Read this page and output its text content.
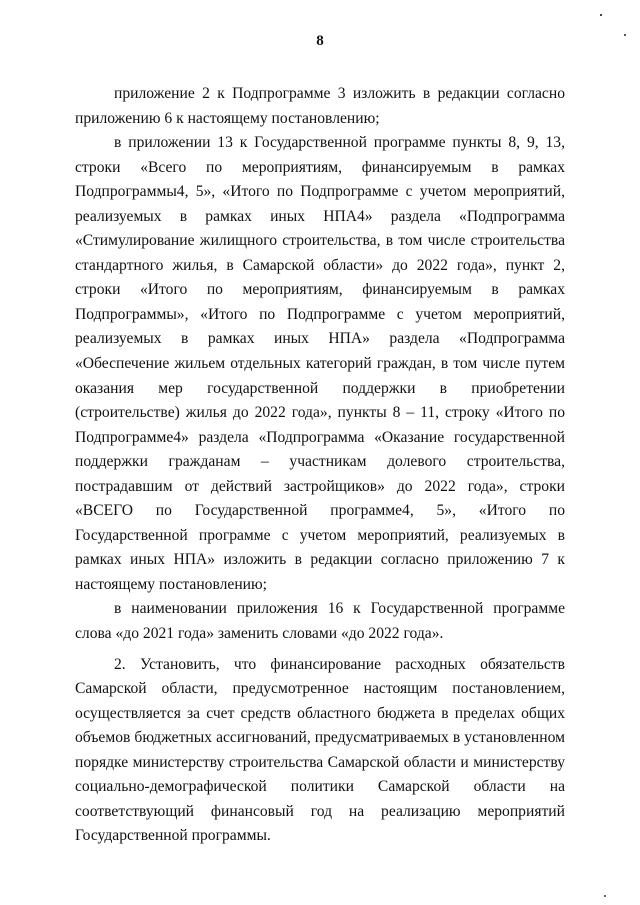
8

приложение 2 к Подпрограмме 3 изложить в редакции согласно приложению 6 к настоящему постановлению;

в приложении 13 к Государственной программе пункты 8, 9, 13, строки «Всего по мероприятиям, финансируемым в рамках Подпрограммы4, 5», «Итого по Подпрограмме с учетом мероприятий, реализуемых в рамках иных НПА4» раздела «Подпрограмма «Стимулирование жилищного строительства, в том числе строительства стандартного жилья, в Самарской области» до 2022 года», пункт 2, строки «Итого по мероприятиям, финансируемым в рамках Подпрограммы», «Итого по Подпрограмме с учетом мероприятий, реализуемых в рамках иных НПА» раздела «Подпрограмма «Обеспечение жильем отдельных категорий граждан, в том числе путем оказания мер государственной поддержки в приобретении (строительстве) жилья до 2022 года», пункты 8 – 11, строку «Итого по Подпрограмме4» раздела «Подпрограмма «Оказание государственной поддержки гражданам – участникам долевого строительства, пострадавшим от действий застройщиков» до 2022 года», строки «ВСЕГО по Государственной программе4, 5», «Итого по Государственной программе с учетом мероприятий, реализуемых в рамках иных НПА» изложить в редакции согласно приложению 7 к настоящему постановлению;

в наименовании приложения 16 к Государственной программе слова «до 2021 года» заменить словами «до 2022 года».

2. Установить, что финансирование расходных обязательств Самарской области, предусмотренное настоящим постановлением, осуществляется за счет средств областного бюджета в пределах общих объемов бюджетных ассигнований, предусматриваемых в установленном порядке министерству строительства Самарской области и министерству социально-демографической политики Самарской области на соответствующий финансовый год на реализацию мероприятий Государственной программы.
